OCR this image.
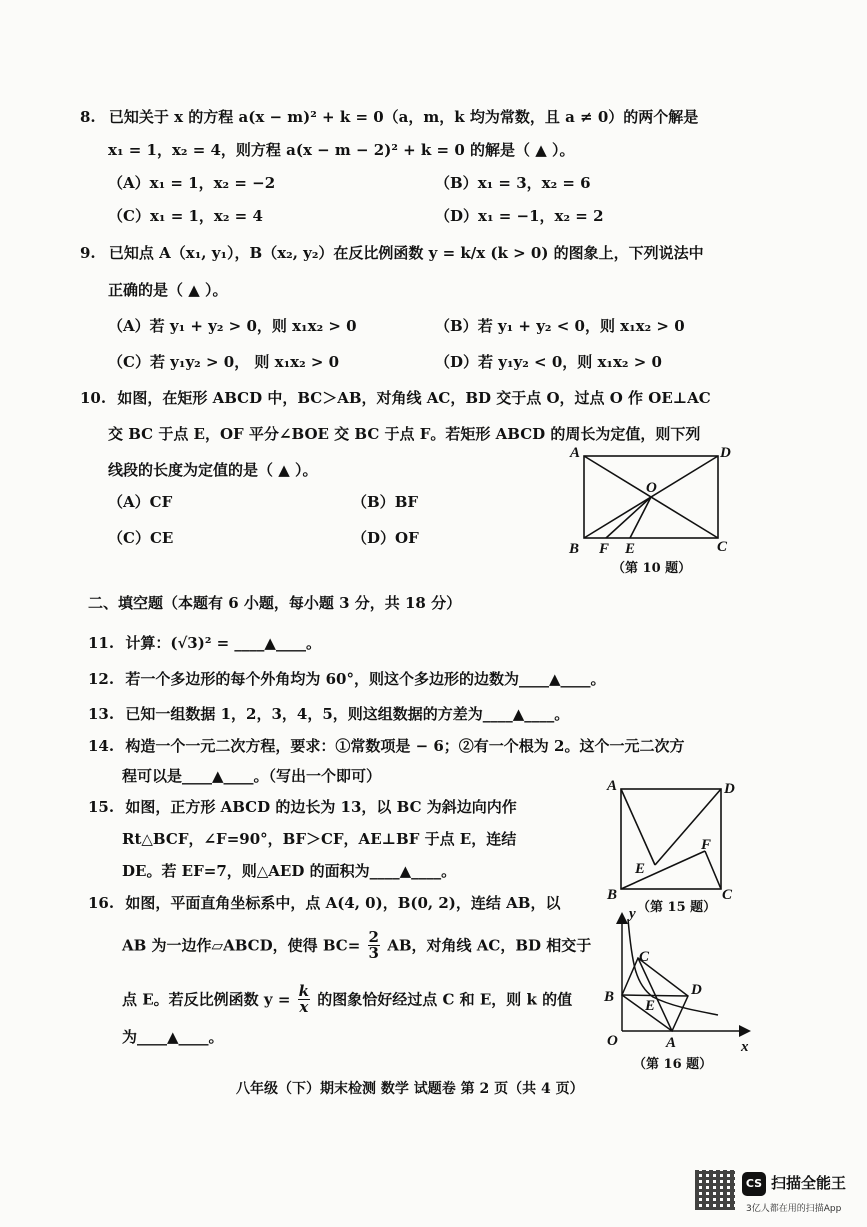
8. 已知关于 x 的方程 a(x − m)² + k = 0（a，m，k 均为常数，且 a ≠ 0）的两个解是
x₁ = 1，x₂ = 4，则方程 a(x − m − 2)² + k = 0 的解是（ ▲ ）。
（A）x₁ = 1，x₂ = −2	（B）x₁ = 3，x₂ = 6
（C）x₁ = 1，x₂ = 4	（D）x₁ = −1，x₂ = 2
9. 已知点 A（x₁, y₁），B（x₂, y₂）在反比例函数 y = k/x (k > 0) 的图象上，下列说法中
正确的是（ ▲ ）。
（A）若 y₁ + y₂ > 0，则 x₁x₂ > 0	（B）若 y₁ + y₂ < 0，则 x₁x₂ > 0
（C）若 y₁y₂ > 0， 则 x₁x₂ > 0	（D）若 y₁y₂ < 0，则 x₁x₂ > 0
10. 如图，在矩形 ABCD 中，BC＞AB，对角线 AC，BD 交于点 O，过点 O 作 OE⊥AC
交 BC 于点 E，OF 平分∠BOE 交 BC 于点 F。若矩形 ABCD 的周长为定值，则下列
线段的长度为定值的是（ ▲ ）。
（A）CF	（B）BF
（C）CE	（D）OF
A	D
O
B F E	C
（第 10 题）
二、填空题（本题有 6 小题，每小题 3 分，共 18 分）
11. 计算：(√3)² = ____▲____。
12. 若一个多边形的每个外角均为 60°，则这个多边形的边数为____▲____。
13. 已知一组数据 1，2，3，4，5，则这组数据的方差为____▲____。
14. 构造一个一元二次方程，要求：①常数项是 − 6；②有一个根为 2。这个一元二次方
程可以是____▲____。（写出一个即可）
15. 如图，正方形 ABCD 的边长为 13，以 BC 为斜边向内作
Rt△BCF，∠F=90°，BF＞CF，AE⊥BF 于点 E，连结
DE。若 EF=7，则△AED 的面积为____▲____。
A	D
F
E
B	C
（第 15 题）
16. 如图，平面直角坐标系中，点 A(4, 0)，B(0, 2)，连结 AB，以
AB 为一边作▱ABCD，使得 $BC= \frac{2}{3}$ AB，对角线 AC，BD 相交于
点 E。若反比例函数 $y = \frac{k}{x}$ 的图象恰好经过点 C 和 E，则 k 的值
为____▲____。
y
C
B	D
E
O	A	x
（第 16 题）
八年级（下）期末检测 数学 试题卷 第 2 页（共 4 页）
CS 扫描全能王
3亿人都在用的扫描App
